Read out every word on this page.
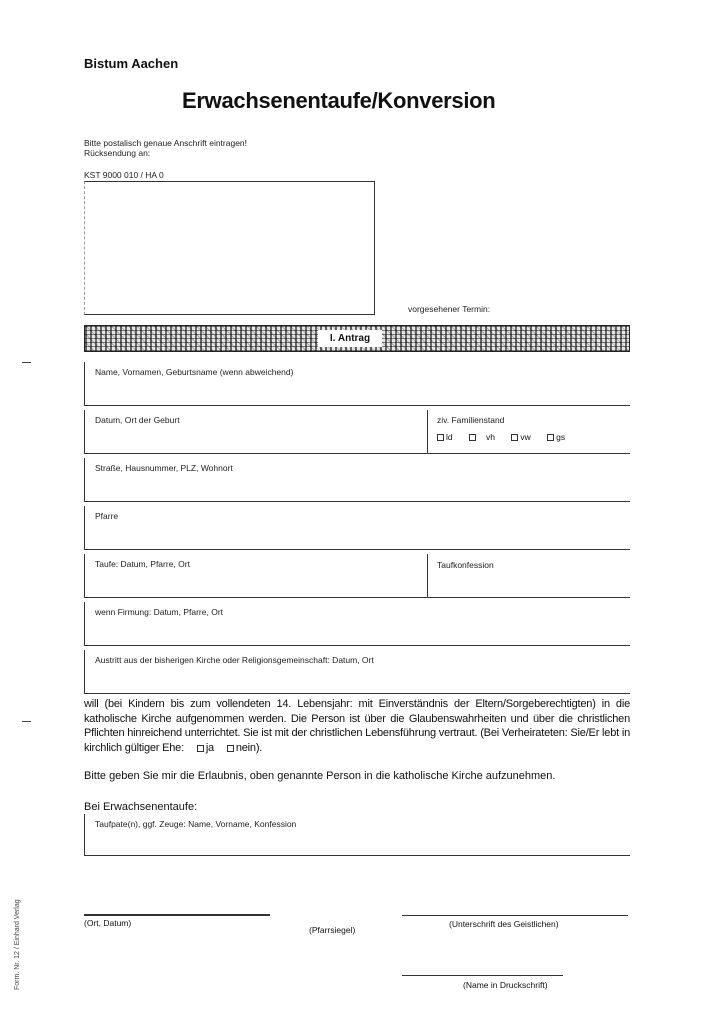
Bistum Aachen
Erwachsenentaufe/Konversion
Bitte postalisch genaue Anschrift eintragen!
Rücksendung an:
KST 9000 010 / HA 0
vorgesehener Termin:
I. Antrag
Name, Vornamen, Geburtsname (wenn abweichend)
Datum, Ort der Geburt	ziv. Familienstand
ld	vh	vw	gs
Straße, Hausnummer, PLZ, Wohnort
Pfarre
Taufe: Datum, Pfarre, Ort	Taufkonfession
wenn Firmung: Datum, Pfarre, Ort
Austritt aus der bisherigen Kirche oder Religionsgemeinschaft: Datum, Ort
will (bei Kindern bis zum vollendeten 14. Lebensjahr: mit Einverständnis der Eltern/Sorgeberechtigten) in die katholische Kirche aufgenommen werden. Die Person ist über die Glaubenswahrheiten und über die christlichen Pflichten hinreichend unterrichtet. Sie ist mit der christlichen Lebensführung vertraut. (Bei Verheirateten: Sie/Er lebt in kirchlich gültiger Ehe: ja nein).
Bitte geben Sie mir die Erlaubnis, oben genannte Person in die katholische Kirche aufzunehmen.
Bei Erwachsenentaufe:
Taufpate(n), ggf. Zeuge: Name, Vorname, Konfession
(Ort, Datum)
(Pfarrsiegel)
(Unterschrift des Geistlichen)
(Name in Druckschrift)
Form. Nr. 12 / Einhard Verlag
